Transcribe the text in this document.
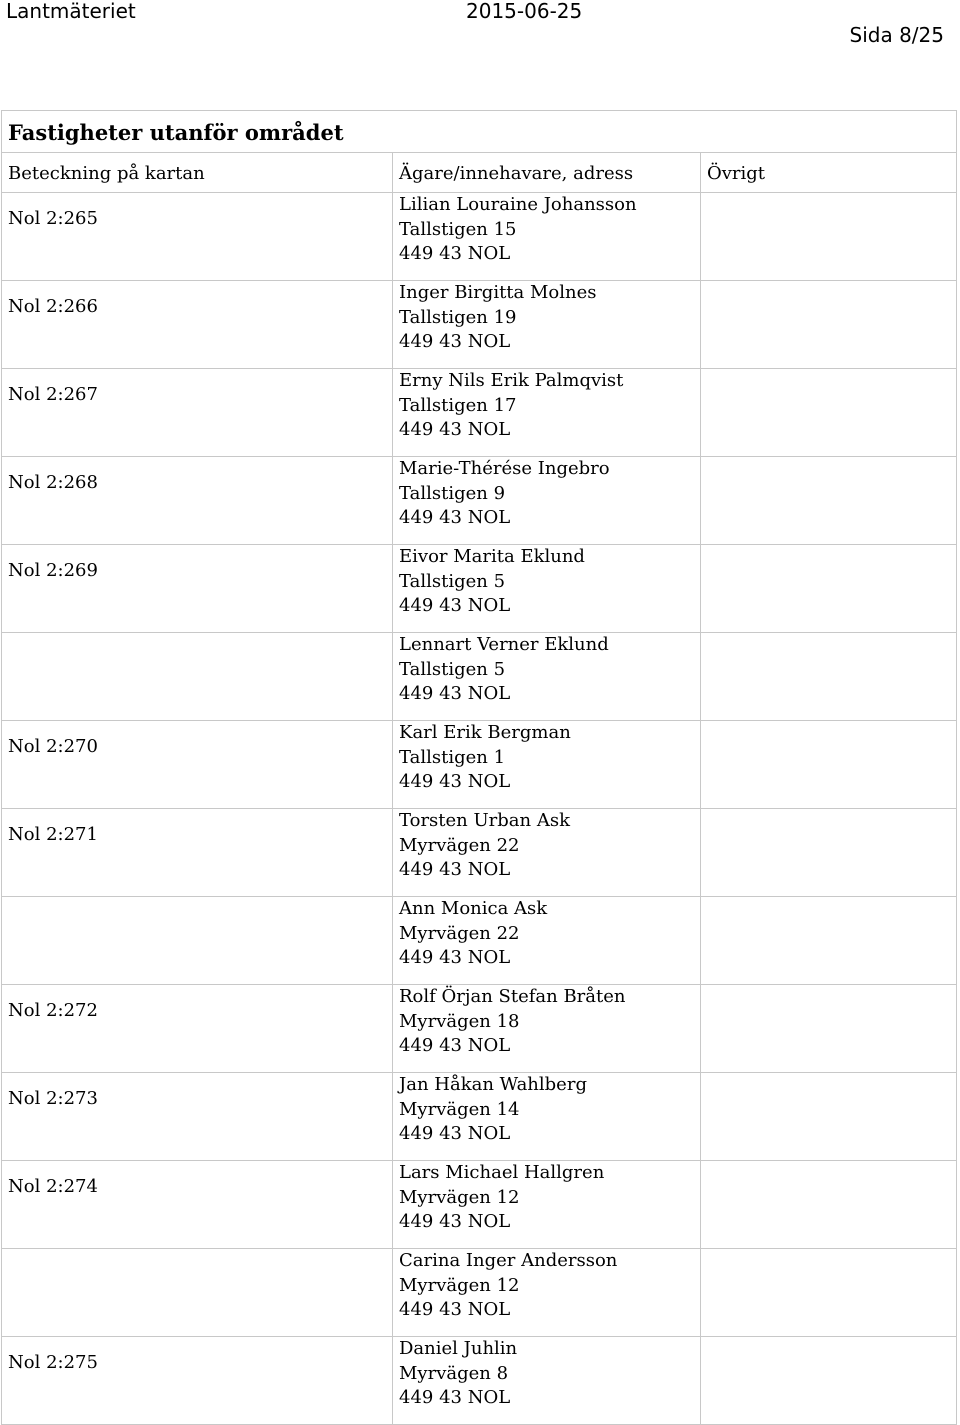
Lantmäteriet	2015-06-25
Sida 8/25
Fastigheter utanför området		
Beteckning på kartan	Ägare/innehavare, adress	Övrigt

Nol 2:265	Lilian Louraine Johansson
Tallstigen 15
449 43 NOL	

Nol 2:266	Inger Birgitta Molnes
Tallstigen 19
449 43 NOL	

Nol 2:267	Erny Nils Erik Palmqvist
Tallstigen 17
449 43 NOL	

Nol 2:268	Marie-Thérése Ingebro
Tallstigen 9
449 43 NOL	

Nol 2:269	Eivor Marita Eklund
Tallstigen 5
449 43 NOL	

	Lennart Verner Eklund
Tallstigen 5
449 43 NOL	

Nol 2:270	Karl Erik Bergman
Tallstigen 1
449 43 NOL	

Nol 2:271	Torsten Urban Ask
Myrvägen 22
449 43 NOL	

	Ann Monica Ask
Myrvägen 22
449 43 NOL	

Nol 2:272	Rolf Örjan Stefan Bråten
Myrvägen 18
449 43 NOL	

Nol 2:273	Jan Håkan Wahlberg
Myrvägen 14
449 43 NOL	

Nol 2:274	Lars Michael Hallgren
Myrvägen 12
449 43 NOL	

	Carina Inger Andersson
Myrvägen 12
449 43 NOL	

Nol 2:275	Daniel Juhlin
Myrvägen 8
449 43 NOL	
